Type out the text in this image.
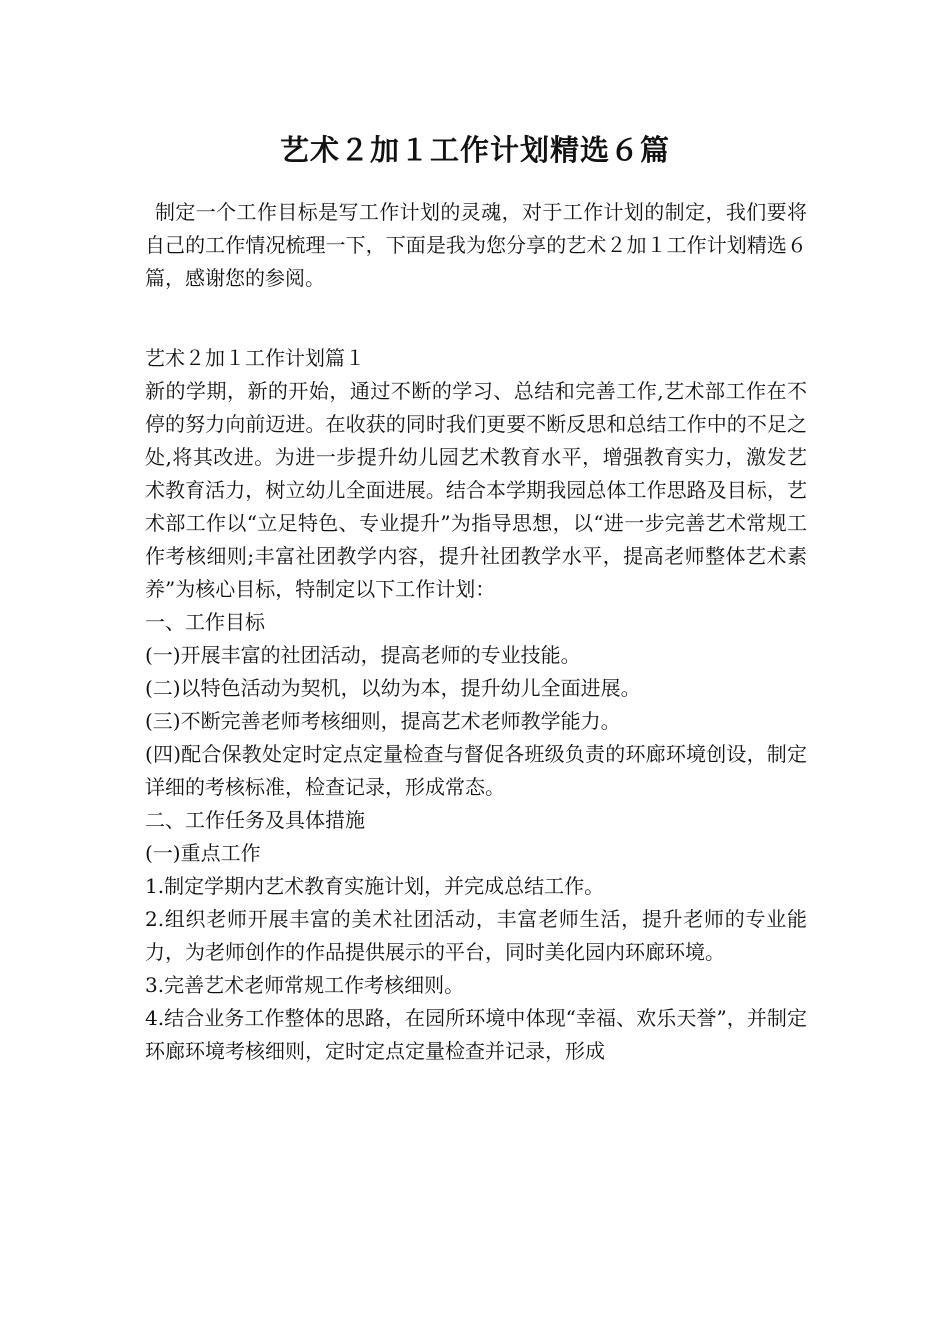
艺术２加１工作计划精选６篇

制定一个工作目标是写工作计划的灵魂，对于工作计划的制定，我们要将自己的工作情况梳理一下，下面是我为您分享的艺术２加１工作计划精选６篇，感谢您的参阅。

艺术２加１工作计划篇１

新的学期，新的开始，通过不断的学习、总结和完善工作,艺术部工作在不停的努力向前迈进。在收获的同时我们更要不断反思和总结工作中的不足之处,将其改进。为进一步提升幼儿园艺术教育水平，增强教育实力，激发艺术教育活力，树立幼儿全面进展。结合本学期我园总体工作思路及目标，艺术部工作以“立足特色、专业提升”为指导思想，以“进一步完善艺术常规工作考核细则;丰富社团教学内容，提升社团教学水平，提高老师整体艺术素养”为核心目标，特制定以下工作计划：

一、工作目标

(一)开展丰富的社团活动，提高老师的专业技能。

(二)以特色活动为契机，以幼为本，提升幼儿全面进展。

(三)不断完善老师考核细则，提高艺术老师教学能力。

(四)配合保教处定时定点定量检查与督促各班级负责的环廊环境创设，制定详细的考核标准，检查记录，形成常态。

二、工作任务及具体措施

(一)重点工作

1.制定学期内艺术教育实施计划，并完成总结工作。

2.组织老师开展丰富的美术社团活动，丰富老师生活，提升老师的专业能力，为老师创作的作品提供展示的平台，同时美化园内环廊环境。

3.完善艺术老师常规工作考核细则。

4.结合业务工作整体的思路，在园所环境中体现“幸福、欢乐天誉”，并制定环廊环境考核细则，定时定点定量检查并记录，形成
